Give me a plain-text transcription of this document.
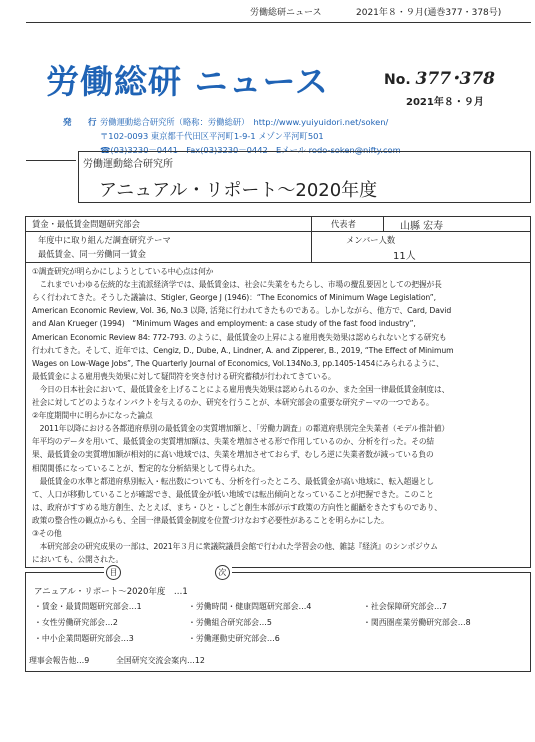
労働総研ニュース	2021年８・９月(通巻377・378号)
労働総研 ニュース	No. 377･378
2021年８・９月
発　行 労働運動総合研究所（略称：労働総研）　http://www.yuiyuidori.net/soken/
〒102-0093 東京都千代田区平河町1-9-1 メゾン平河町501
☎(03)3230－0441　Fax(03)3230－0442　Eメール rodo-soken@nifty.com
労働運動総合研究所
アニュアル・リポート～2020年度
賃金・最低賃金問題研究部会	代表者	山縣 宏寿
年度中に取り組んだ調査研究テーマ
最低賃金、同一労働同一賃金
メンバー人数
11人
①調査研究が明らかにしようとしている中心点は何か
　これまでいわゆる伝統的な主流派経済学では、最低賃金は、社会に失業をもたらし、市場の攪乱要因としての把握が長
らく行われてきた。そうした議論は、Stigler, George J (1946)：“The Economics of Minimum Wage Legislation”,
American Economic Review, Vol. 36, No.3 以降, 活発に行われてきたものである。しかしながら、他方で、Card, David
and Alan Krueger (1994)　“Minimum Wages and employment: a case study of the fast food industry”,
American Economic Review 84: 772-793. のように、最低賃金の上昇による雇用喪失効果は認められないとする研究も
行われてきた。そして、近年では、Cengiz, D., Dube, A., Lindner, A. and Zipperer, B., 2019, “The Effect of Minimum
Wages on Low-Wage Jobs”, The Quarterly Journal of Economics, Vol.134No.3, pp.1405-1454にみられるように、
最低賃金による雇用喪失効果に対して疑問符を突き付ける研究蓄積が行われてきている。
　今日の日本社会において、最低賃金を上げることによる雇用喪失効果は認められるのか、また全国一律最低賃金制度は、
社会に対してどのようなインパクトを与えるのか、研究を行うことが、本研究部会の重要な研究テーマの一つである。
②年度期間中に明らかになった論点
　2011年以降における各都道府県別の最低賃金の実質増加額と、「労働力調査」の都道府県別完全失業者（モデル推計値）
年平均のデータを用いて、最低賃金の実質増加額は、失業を増加させる形で作用しているのか、分析を行った。その結
果、最低賃金の実質増加額が相対的に高い地域では、失業を増加させておらず、むしろ逆に失業者数が減っている負の
相関関係になっていることが、暫定的な分析結果として得られた。
　最低賃金の水準と都道府県別転入・転出数についても、分析を行ったところ、最低賃金が高い地域に、転入超過とし
て、人口が移動していることが確認でき、最低賃金が低い地域では転出傾向となっていることが把握できた。このこと
は、政府がすすめる地方創生、たとえば、まち・ひと・しごと創生本部が示す政策の方向性と齟齬をきたすものであり、
政策の整合性の観点からも、全国一律最低賃金制度を位置づけなおす必要性があることを明らかにした。
③その他
　本研究部会の研究成果の一部は、2021年３月に衆議院議員会館で行われた学習会の他、雑誌『経済』のシンポジウム
においても、公開された。
目	次
アニュアル・リポート～2020年度　…1
・賃金・最賃問題研究部会…1	・労働時間・健康問題研究部会…4	・社会保障研究部会…7
・女性労働研究部会…2	・労働組合研究部会…5	・関西圏産業労働研究部会…8
・中小企業問題研究部会…3	・労働運動史研究部会…6
理事会報告他…9	全国研究交流会案内…12
